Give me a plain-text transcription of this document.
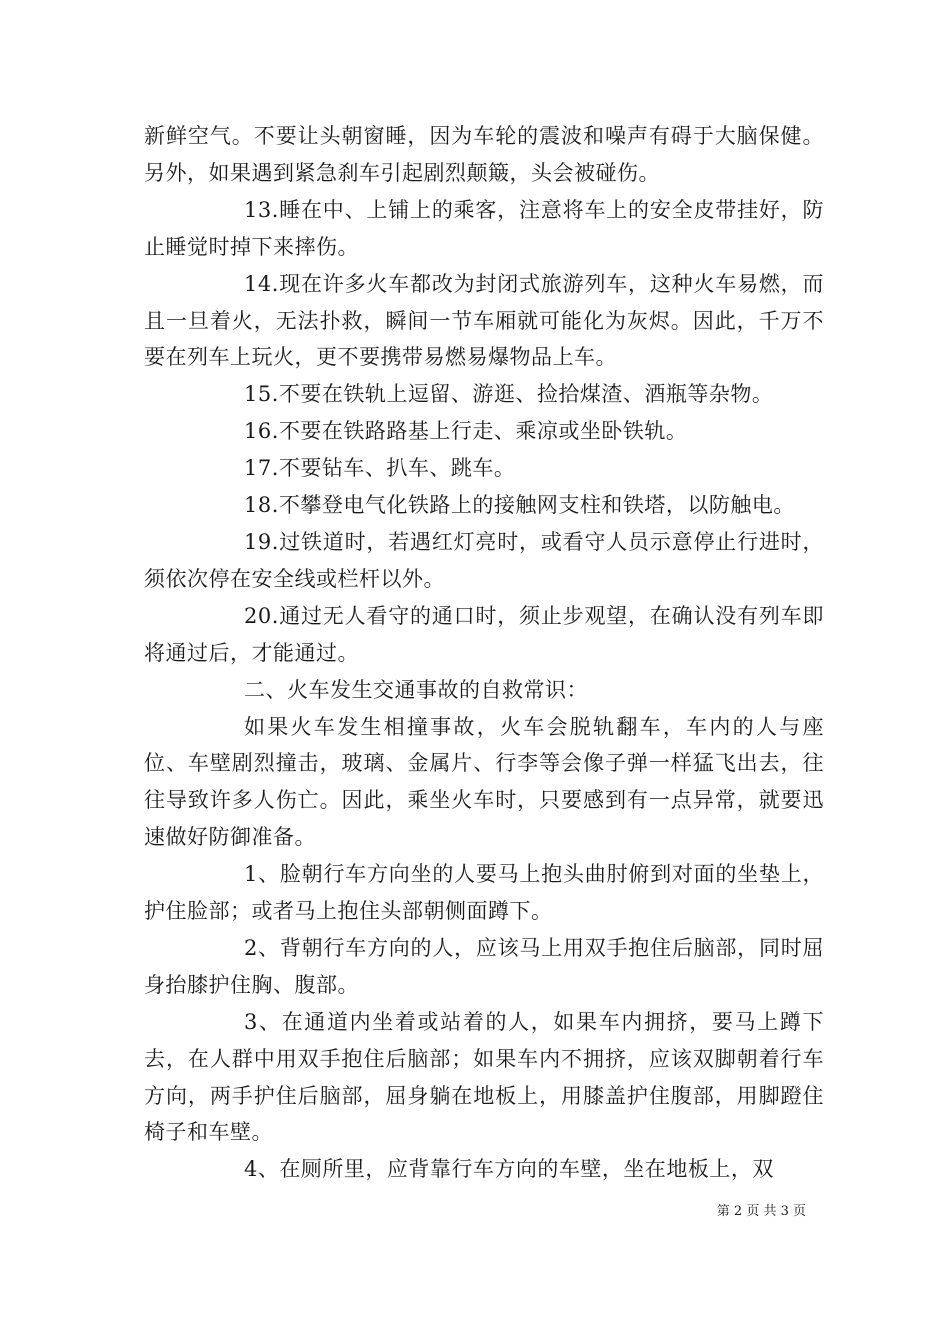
新鲜空气。不要让头朝窗睡，因为车轮的震波和噪声有碍于大脑保健。另外，如果遇到紧急刹车引起剧烈颠簸，头会被碰伤。

13.睡在中、上铺上的乘客，注意将车上的安全皮带挂好，防止睡觉时掉下来摔伤。

14.现在许多火车都改为封闭式旅游列车，这种火车易燃，而且一旦着火，无法扑救，瞬间一节车厢就可能化为灰烬。因此，千万不要在列车上玩火，更不要携带易燃易爆物品上车。

15.不要在铁轨上逗留、游逛、捡拾煤渣、酒瓶等杂物。

16.不要在铁路路基上行走、乘凉或坐卧铁轨。

17.不要钻车、扒车、跳车。

18.不攀登电气化铁路上的接触网支柱和铁塔，以防触电。

19.过铁道时，若遇红灯亮时，或看守人员示意停止行进时，须依次停在安全线或栏杆以外。

20.通过无人看守的通口时，须止步观望，在确认没有列车即将通过后，才能通过。

二、火车发生交通事故的自救常识：

如果火车发生相撞事故，火车会脱轨翻车，车内的人与座位、车壁剧烈撞击，玻璃、金属片、行李等会像子弹一样猛飞出去，往往导致许多人伤亡。因此，乘坐火车时，只要感到有一点异常，就要迅速做好防御准备。

1、脸朝行车方向坐的人要马上抱头曲肘俯到对面的坐垫上，护住脸部；或者马上抱住头部朝侧面蹲下。

2、背朝行车方向的人，应该马上用双手抱住后脑部，同时屈身抬膝护住胸、腹部。

3、在通道内坐着或站着的人，如果车内拥挤，要马上蹲下去，在人群中用双手抱住后脑部；如果车内不拥挤，应该双脚朝着行车方向，两手护住后脑部，屈身躺在地板上，用膝盖护住腹部，用脚蹬住椅子和车壁。

4、在厕所里，应背靠行车方向的车壁，坐在地板上，双

第 2 页 共 3 页
